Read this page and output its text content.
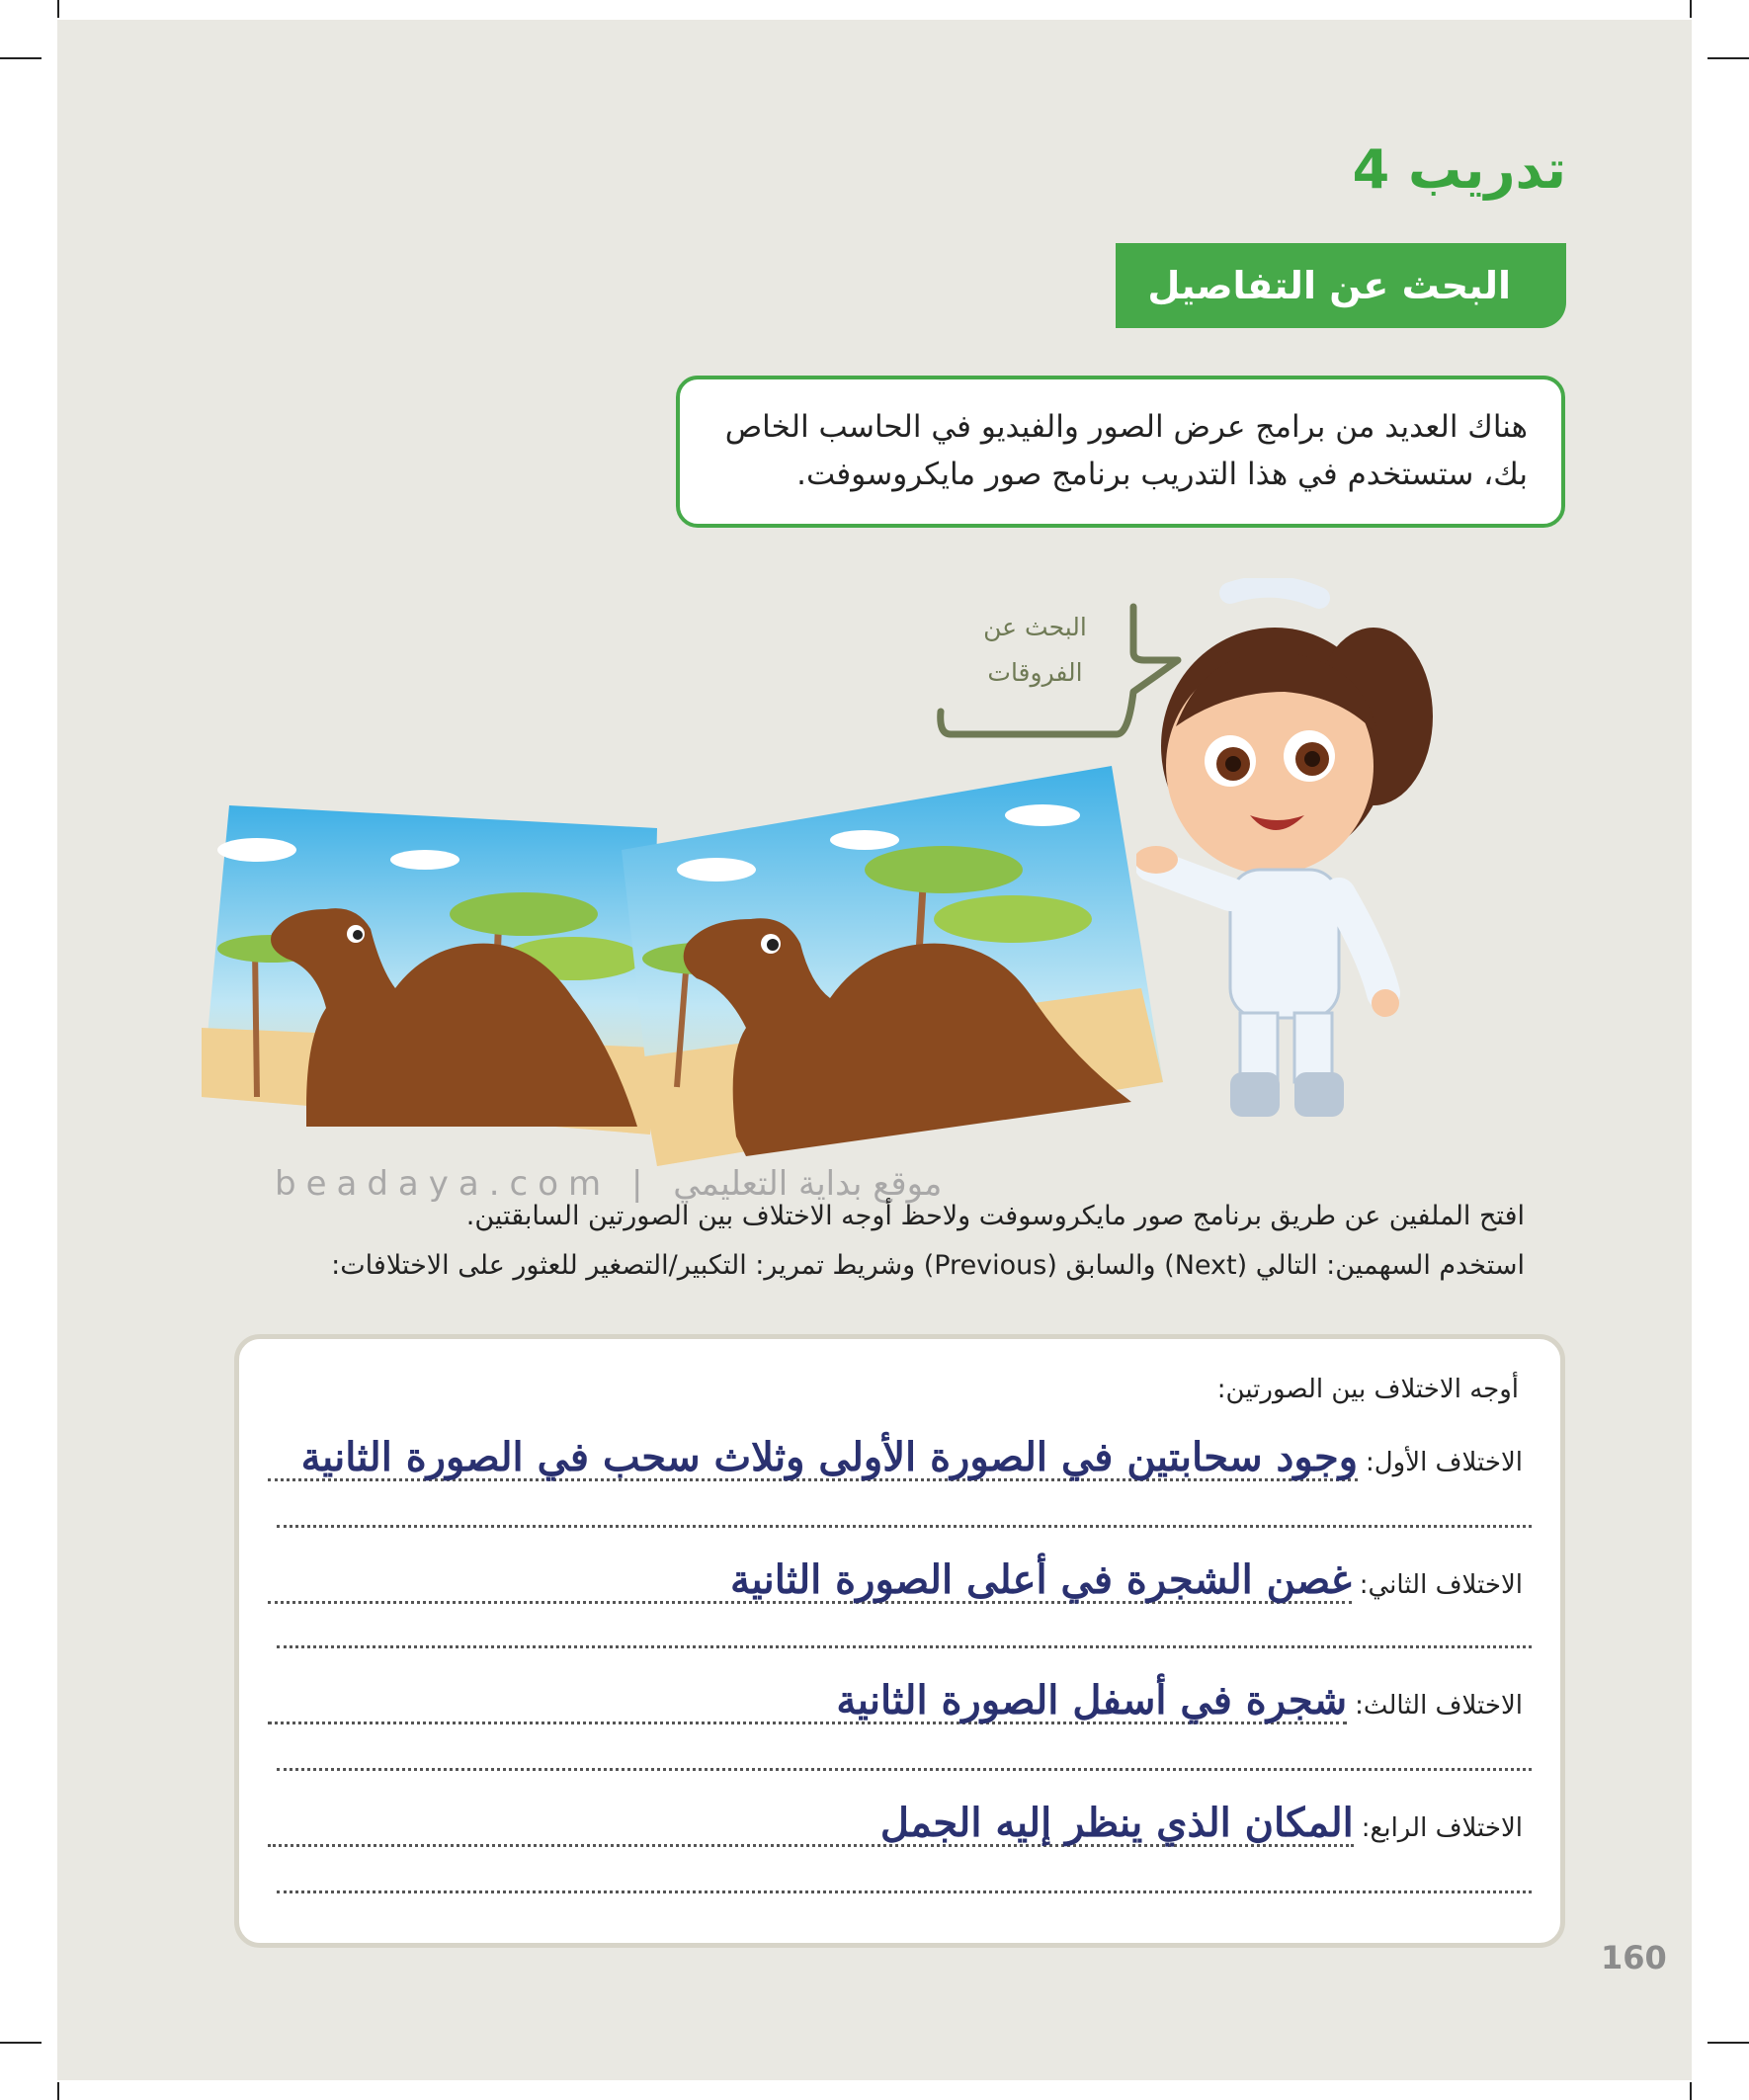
تدريب 4
البحث عن التفاصيل
هناك العديد من برامج عرض الصور والفيديو في الحاسب الخاص بك، ستستخدم في هذا التدريب برنامج صور مايكروسوفت.
البحث عن
الفروقات
beadaya.com | موقع بداية التعليمي
افتح الملفين عن طريق برنامج صور مايكروسوفت ولاحظ أوجه الاختلاف بين الصورتين السابقتين.
استخدم السهمين: التالي (Next) والسابق (Previous) وشريط تمرير: التكبير/التصغير للعثور على الاختلافات:
أوجه الاختلاف بين الصورتين:
الاختلاف الأول:
وجود سحابتين في الصورة الأولى وثلاث سحب في الصورة الثانية
الاختلاف الثاني:
غصن الشجرة في أعلى الصورة الثانية
الاختلاف الثالث:
شجرة في أسفل الصورة الثانية
الاختلاف الرابع:
المكان الذي ينظر إليه الجمل
160
